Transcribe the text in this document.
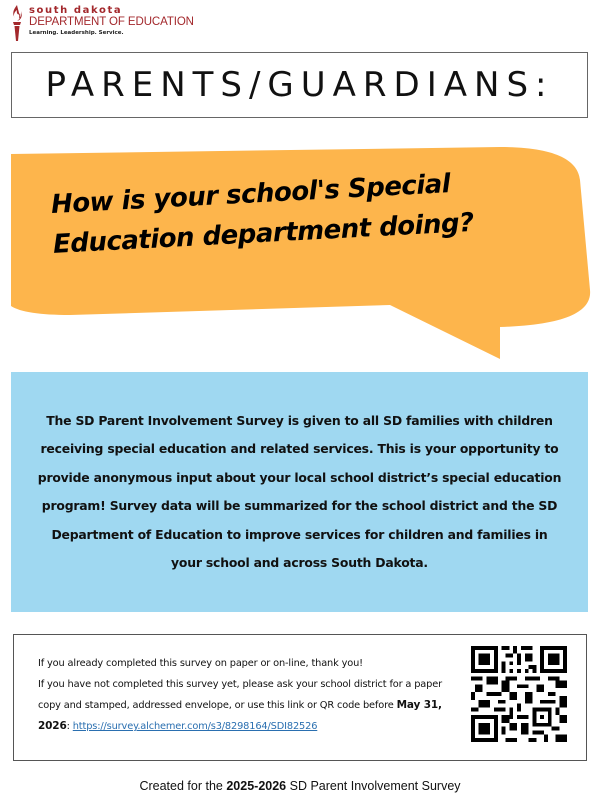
south dakota
DEPARTMENT OF EDUCATION
Learning. Leadership. Service.
PARENTS/GUARDIANS:
How is your school's Special
Education department doing?

The SD Parent Involvement Survey is given to all SD families with children receiving special education and related services. This is your opportunity to provide anonymous input about your local school district’s special education program! Survey data will be summarized for the school district and the SD Department of Education to improve services for children and families in your school and across South Dakota.

If you already completed this survey on paper or on-line, thank you!
If you have not completed this survey yet, please ask your school district for a paper copy and stamped, addressed envelope, or use this link or QR code before May 31, 2026: https://survey.alchemer.com/s3/8298164/SDI82526
Created for the 2025-2026 SD Parent Involvement Survey
